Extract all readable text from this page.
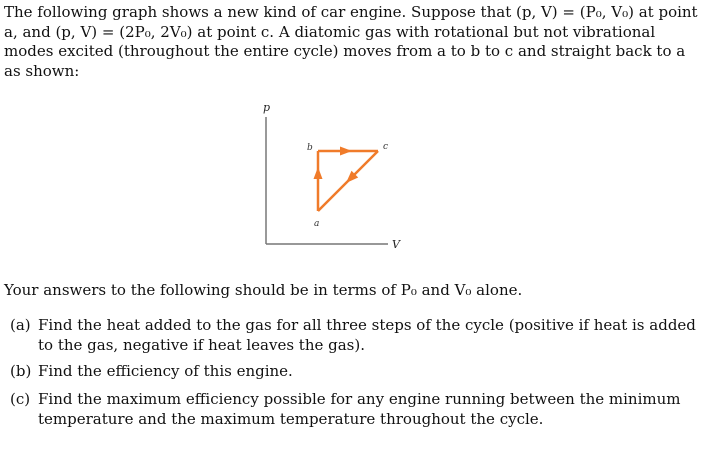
The following graph shows a new kind of car engine. Suppose that (p, V) = (P₀, V₀) at point
a, and (p, V) = (2P₀, 2V₀) at point c. A diatomic gas with rotational but not vibrational
modes excited (throughout the entire cycle) moves from a to b to c and straight back to a
as shown:
p
V
a
b	c
Your answers to the following should be in terms of P₀ and V₀ alone.
(a) Find the heat added to the gas for all three steps of the cycle (positive if heat is added
to the gas, negative if heat leaves the gas).
(b) Find the efficiency of this engine.
(c) Find the maximum efficiency possible for any engine running between the minimum
temperature and the maximum temperature throughout the cycle.
